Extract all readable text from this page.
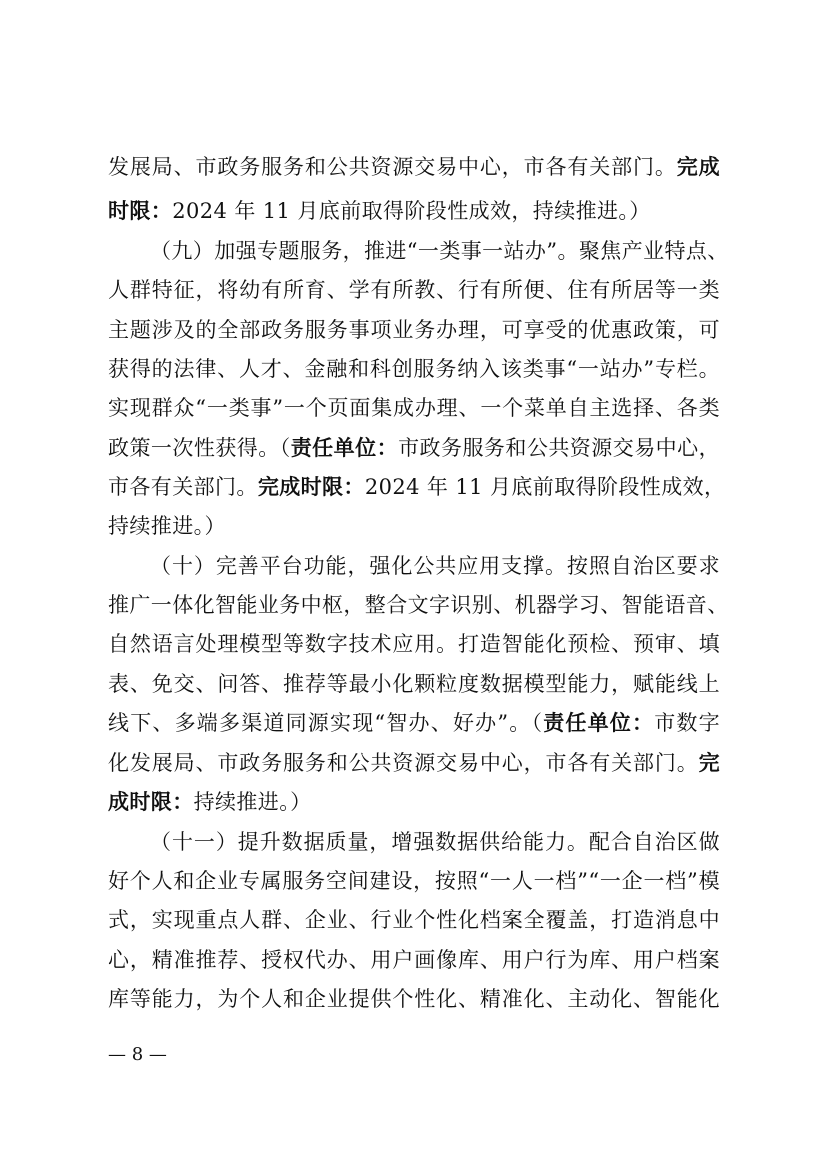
发展局、市政务服务和公共资源交易中心，市各有关部门。完成
时限：2024 年 11 月底前取得阶段性成效，持续推进。）
（九）加强专题服务，推进“一类事一站办”。聚焦产业特点、
人群特征，将幼有所育、学有所教、行有所便、住有所居等一类
主题涉及的全部政务服务事项业务办理，可享受的优惠政策，可
获得的法律、人才、金融和科创服务纳入该类事“一站办”专栏。
实现群众“一类事”一个页面集成办理、一个菜单自主选择、各类
政策一次性获得。（责任单位：市政务服务和公共资源交易中心，
市各有关部门。完成时限：2024 年 11 月底前取得阶段性成效，
持续推进。）
（十）完善平台功能，强化公共应用支撑。按照自治区要求
推广一体化智能业务中枢，整合文字识别、机器学习、智能语音、
自然语言处理模型等数字技术应用。打造智能化预检、预审、填
表、免交、问答、推荐等最小化颗粒度数据模型能力，赋能线上
线下、多端多渠道同源实现“智办、好办”。（责任单位：市数字
化发展局、市政务服务和公共资源交易中心，市各有关部门。完
成时限：持续推进。）
（十一）提升数据质量，增强数据供给能力。配合自治区做
好个人和企业专属服务空间建设，按照“一人一档”“一企一档”模
式，实现重点人群、企业、行业个性化档案全覆盖，打造消息中
心，精准推荐、授权代办、用户画像库、用户行为库、用户档案
库等能力，为个人和企业提供个性化、精准化、主动化、智能化
— 8 —
